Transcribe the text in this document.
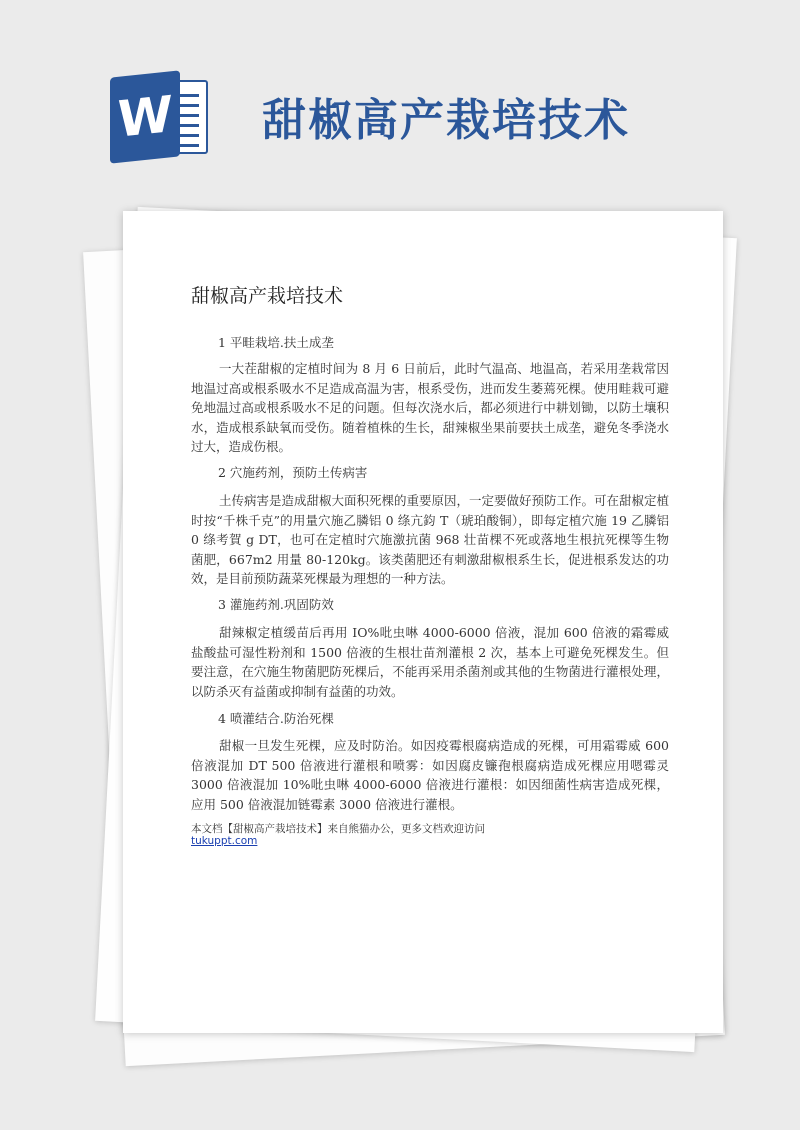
W 甜椒高产栽培技术
甜椒高产栽培技术
1 平畦栽培.扶土成垄

一大茬甜椒的定植时间为 8 月 6 日前后，此时气温高、地温高，若采用垄栽常因地温过高或根系吸水不足造成高温为害，根系受伤，进而发生萎蔫死棵。使用畦栽可避免地温过高或根系吸水不足的问题。但每次浇水后，都必须进行中耕划锄，以防土壤积水，造成根系缺氧而受伤。随着植株的生长，甜辣椒坐果前要扶土成垄，避免冬季浇水过大，造成伤根。

2 穴施药剂，预防土传病害

土传病害是造成甜椒大面积死棵的重要原因，一定要做好预防工作。可在甜椒定植时按“千株千克”的用量穴施乙膦铝 0 绦亢鈞 T（琥珀酸铜），即每定植穴施 19 乙膦铝 0 绦考賀 g DT，也可在定植时穴施激抗菌 968 壮苗棵不死或落地生根抗死棵等生物菌肥，667m2 用量 80-120kg。该类菌肥还有刺激甜椒根系生长，促进根系发达的功效，是目前预防蔬菜死棵最为理想的一种方法。

3 灌施药剂.巩固防效

甜辣椒定植缓苗后再用 IO%吡虫啉 4000-6000 倍液，混加 600 倍液的霜霉威盐酸盐可湿性粉剂和 1500 倍液的生根壮苗剂灌根 2 次，基本上可避免死棵发生。但要注意，在穴施生物菌肥防死棵后，不能再采用杀菌剂或其他的生物菌进行灌根处理，以防杀灭有益菌或抑制有益菌的功效。

4 喷灌结合.防治死棵

甜椒一旦发生死棵，应及时防治。如因疫霉根腐病造成的死棵，可用霜霉威 600 倍液混加 DT 500 倍液进行灌根和喷雾：如因腐皮镰孢根腐病造成死棵应用嗯霉灵 3000 倍液混加 10%吡虫啉 4000-6000 倍液进行灌根：如因细菌性病害造成死棵，应用 500 倍液混加链霉素 3000 倍液进行灌根。

本文档【甜椒高产栽培技术】来自熊猫办公，更多文档欢迎访问
tukuppt.com
